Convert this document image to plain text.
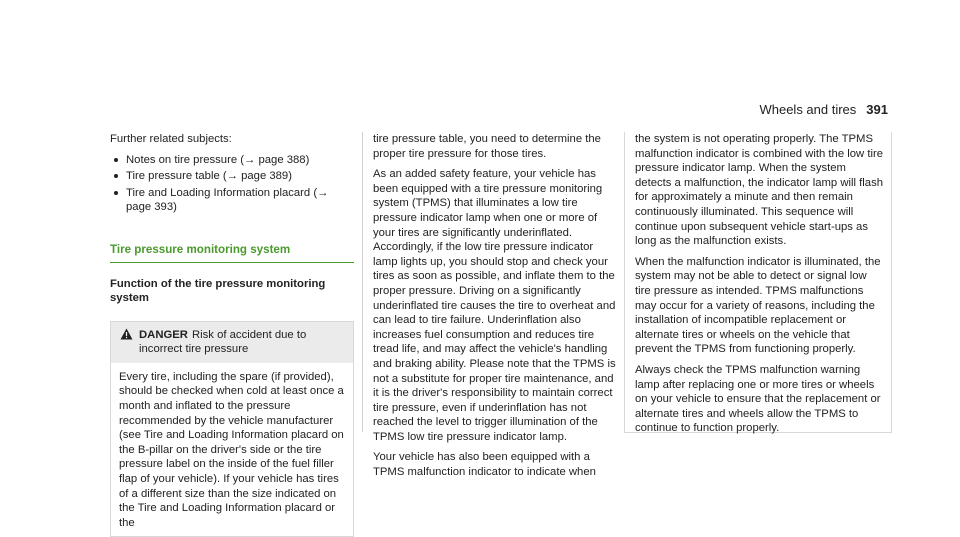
Wheels and tires 391

Further related subjects:

Notes on tire pressure (→ page 388)
Tire pressure table (→ page 389)
Tire and Loading Information placard (→ page 393)
Tire pressure monitoring system
Function of the tire pressure monitoring system
DANGER Risk of accident due to incorrect tire pressure
Every tire, including the spare (if provided), should be checked when cold at least once a month and inflated to the pressure recommended by the vehicle manufacturer (see Tire and Loading Information placard on the B-pillar on the driver's side or the tire pressure label on the inside of the fuel filler flap of your vehicle). If your vehicle has tires of a different size than the size indicated on the Tire and Loading Information placard or the

tire pressure table, you need to determine the proper tire pressure for those tires.

As an added safety feature, your vehicle has been equipped with a tire pressure monitoring system (TPMS) that illuminates a low tire pressure indicator lamp when one or more of your tires are significantly underinflated. Accordingly, if the low tire pressure indicator lamp lights up, you should stop and check your tires as soon as possible, and inflate them to the proper pressure. Driving on a significantly underinflated tire causes the tire to overheat and can lead to tire failure. Underinflation also increases fuel consumption and reduces tire tread life, and may affect the vehicle's handling and braking ability. Please note that the TPMS is not a substitute for proper tire maintenance, and it is the driver's responsibility to maintain correct tire pressure, even if underinflation has not reached the level to trigger illumination of the TPMS low tire pressure indicator lamp.

Your vehicle has also been equipped with a TPMS malfunction indicator to indicate when

the system is not operating properly. The TPMS malfunction indicator is combined with the low tire pressure indicator lamp. When the system detects a malfunction, the indicator lamp will flash for approximately a minute and then remain continuously illuminated. This sequence will continue upon subsequent vehicle start-ups as long as the malfunction exists.

When the malfunction indicator is illuminated, the system may not be able to detect or signal low tire pressure as intended. TPMS malfunctions may occur for a variety of reasons, including the installation of incompatible replacement or alternate tires or wheels on the vehicle that prevent the TPMS from functioning properly.

Always check the TPMS malfunction warning lamp after replacing one or more tires or wheels on your vehicle to ensure that the replacement or alternate tires and wheels allow the TPMS to continue to function properly.
